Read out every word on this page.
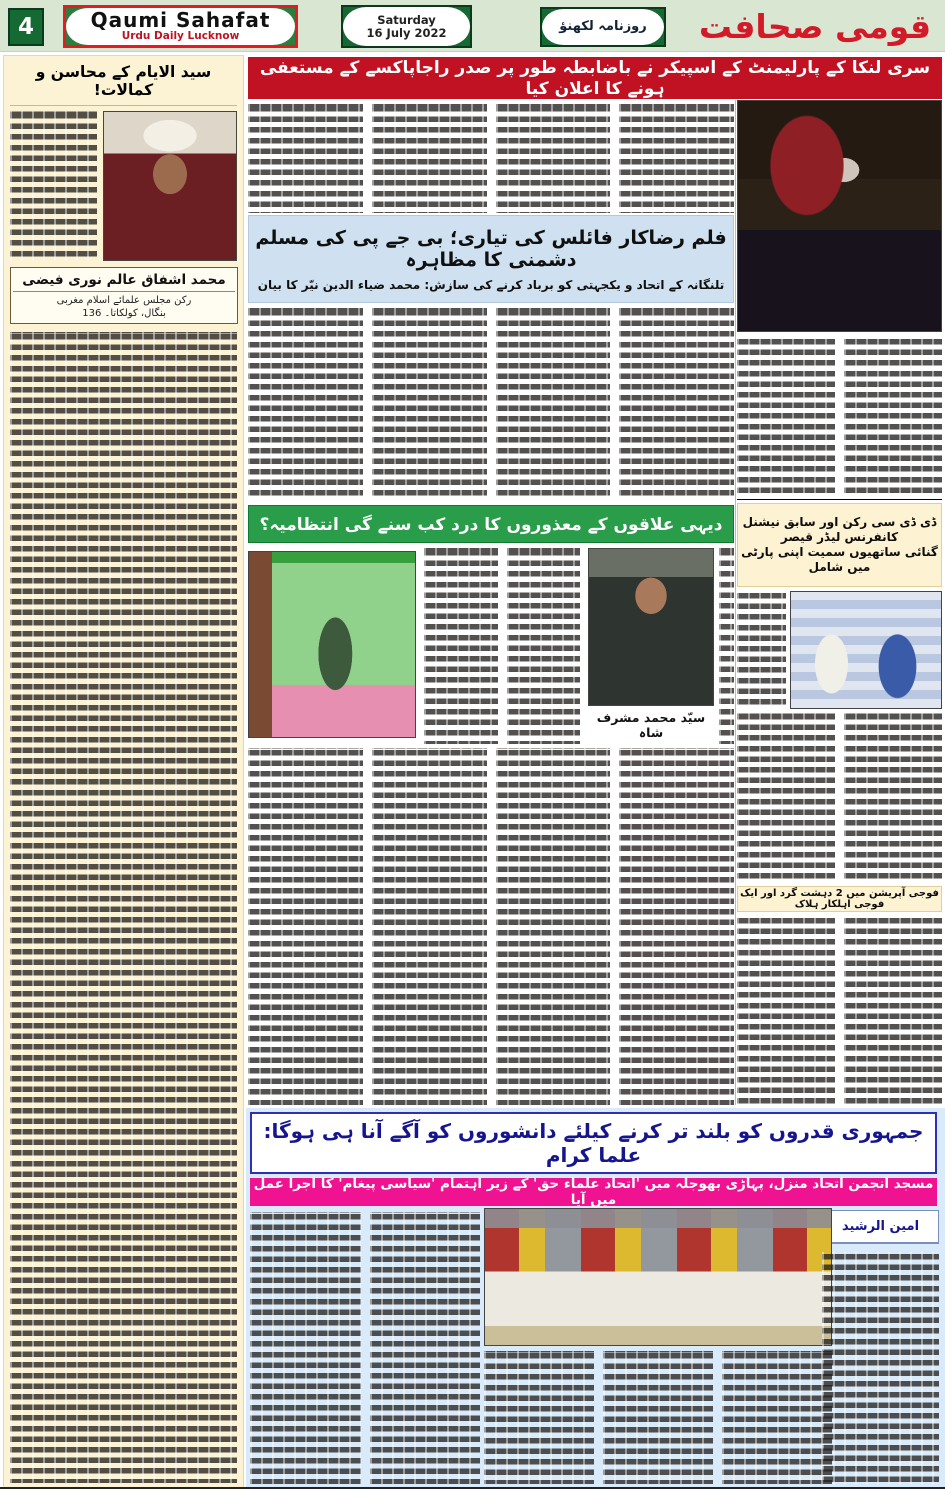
4	Qaumi Sahafat
Urdu Daily Lucknow
Saturday
16 July 2022	روزنامہ لکھنؤ	قومی صحافت
سید الایام کے محاسن و کمالات!
محمد اشفاق عالم نوری فیضی
رکن مجلس علمائے اسلام مغربی
بنگال، کولکاتا۔ 136
سری لنکا کے پارلیمنٹ کے اسپیکر نے باضابطہ طور پر صدر راجاپاکسے کے مستعفی ہونے کا اعلان کیا
فلم رضاکار فائلس کی تیاری؛ بی جے پی کی مسلم دشمنی کا مظاہرہ
تلنگانہ کے اتحاد و یکجہتی کو برباد کرنے کی سازش: محمد ضیاء الدین نیّر کا بیان
دیہی علاقوں کے معذوروں کا درد کب سنے گی انتظامیہ؟
سیّد محمد مشرف شاہ
ڈی ڈی سی رکن اور سابق نیشنل کانفرنس لیڈر قیصر
گنائی ساتھیوں سمیت اپنی پارٹی میں شامل
فوجی آپریشن میں 2 دہشت گرد اور ایک فوجی اہلکار ہلاک
جمہوری قدروں کو بلند تر کرنے کیلئے دانشوروں کو آگے آنا ہی ہوگا: علما کرام
مسجد انجمن اتحاد منزل، پہاڑی بھوجلہ میں 'اتحاد علماء حق' کے زیر اہتمام 'سیاسی پیغام' کا اجرا عمل میں آیا
امین الرشید
